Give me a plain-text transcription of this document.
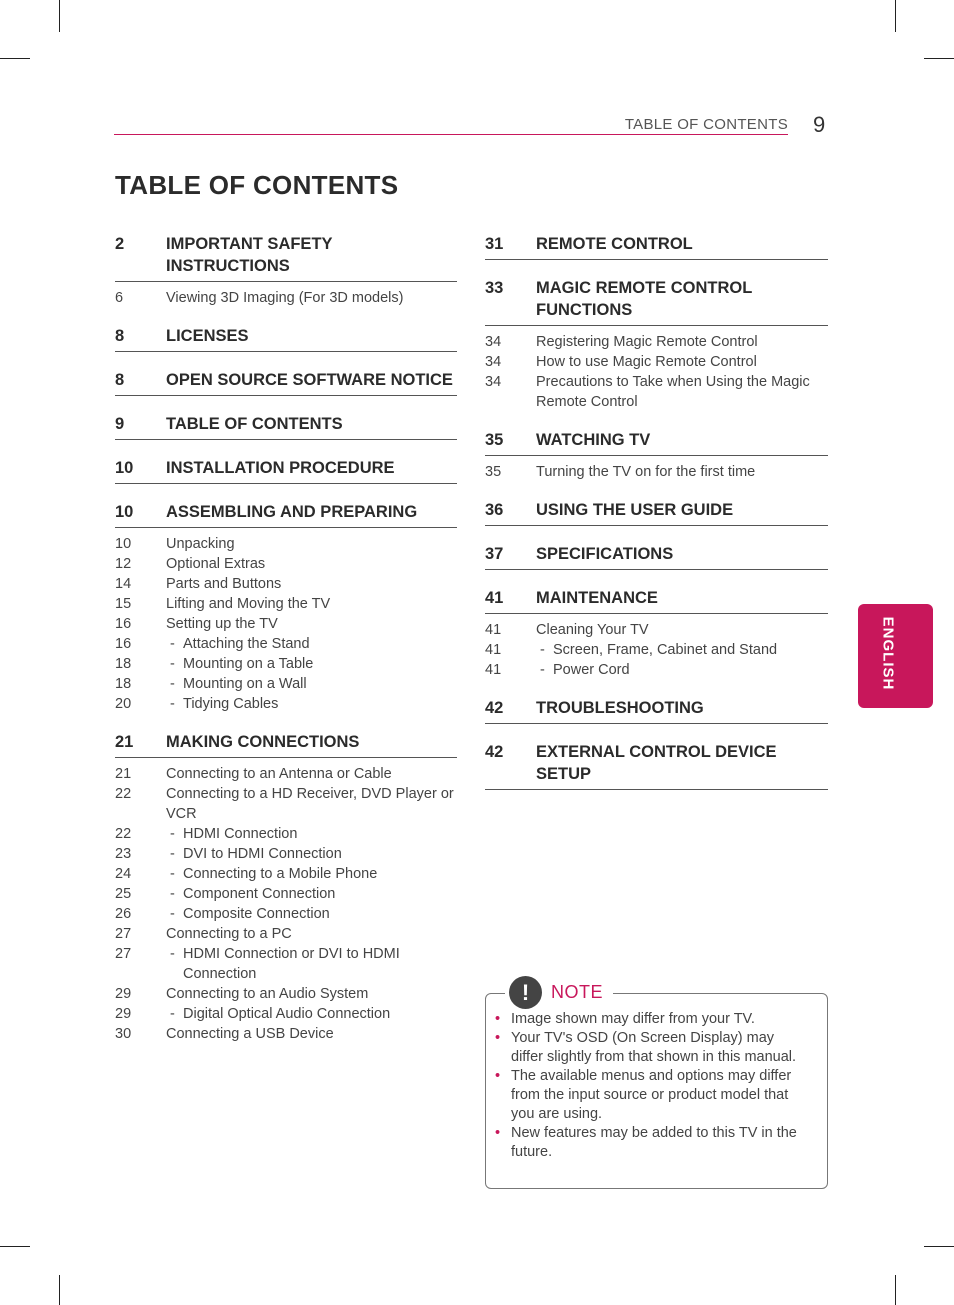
TABLE OF CONTENTS 9
TABLE OF CONTENTS
ENGLISH
2	IMPORTANT SAFETY INSTRUCTIONS
6	Viewing 3D Imaging (For 3D models)
8	LICENSES
8	OPEN SOURCE SOFTWARE NOTICE
9	TABLE OF CONTENTS
10	INSTALLATION PROCEDURE
10	ASSEMBLING AND PREPARING
10	Unpacking
12	Optional Extras
14	Parts and Buttons
15	Lifting and Moving the TV
16	Setting up the TV
16	- Attaching the Stand
18	- Mounting on a Table
18	- Mounting on a Wall
20	- Tidying Cables
21	MAKING CONNECTIONS
21	Connecting to an Antenna or Cable
22	Connecting to a HD Receiver, DVD Player or VCR
22	- HDMI Connection
23	- DVI to HDMI Connection
24	- Connecting to a Mobile Phone
25	- Component Connection
26	- Composite Connection
27	Connecting to a PC
27	- HDMI Connection or DVI to HDMI Connection
29	Connecting to an Audio System
29	- Digital Optical Audio Connection
30	Connecting a USB Device
31	REMOTE CONTROL
33	MAGIC REMOTE CONTROL FUNCTIONS
34	Registering Magic Remote Control
34	How to use Magic Remote Control
34	Precautions to Take when Using the Magic Remote Control
35	WATCHING TV
35	Turning the TV on for the first time
36	USING THE USER GUIDE
37	SPECIFICATIONS
41	MAINTENANCE
41	Cleaning Your TV
41	- Screen, Frame, Cabinet and Stand
41	- Power Cord
42	TROUBLESHOOTING
42	EXTERNAL CONTROL DEVICE SETUP
!	NOTE
• Image shown may differ from your TV.
• Your TV's OSD (On Screen Display) may differ slightly from that shown in this manual.
• The available menus and options may differ from the input source or product model that you are using.
• New features may be added to this TV in the future.
